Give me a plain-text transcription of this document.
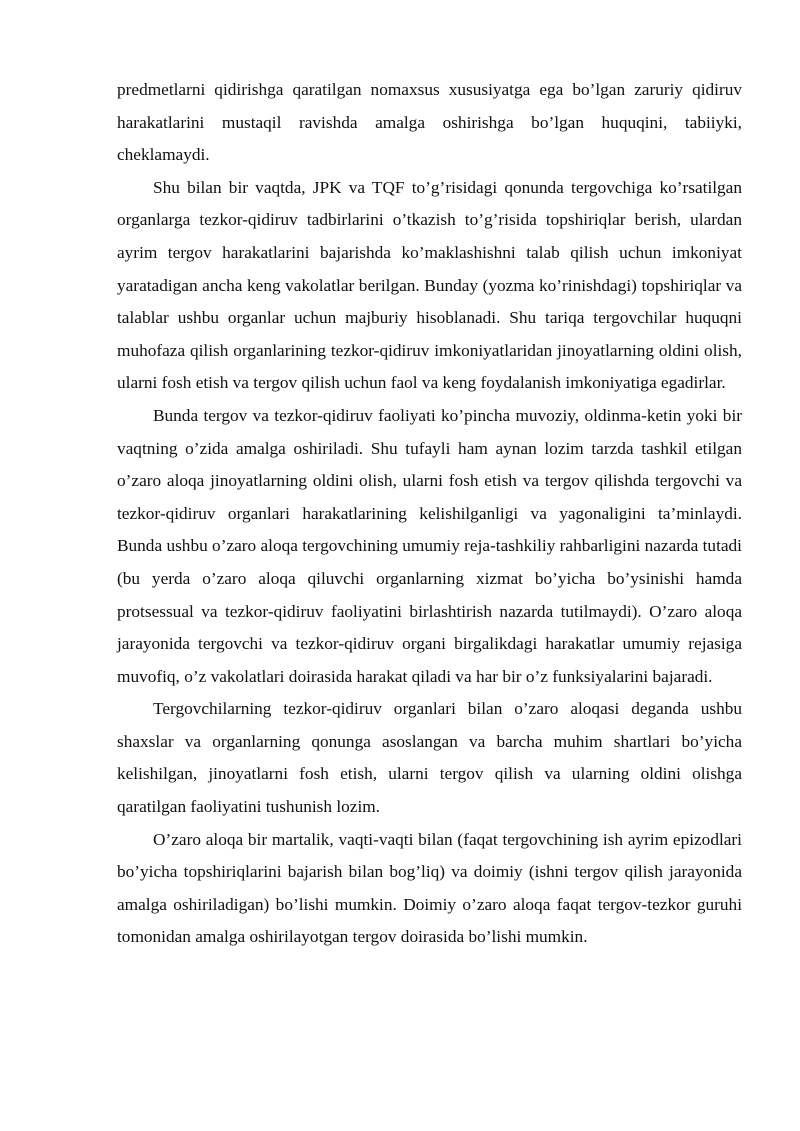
predmetlarni qidirishga qaratilgan nomaxsus xususiyatga ega bo’lgan zaruriy qidiruv harakatlarini mustaqil ravishda amalga oshirishga bo’lgan huquqini, tabiiyki, cheklamaydi.

Shu bilan bir vaqtda, JPK va TQF to’g’risidagi qonunda tergovchiga ko’rsatilgan organlarga tezkor-qidiruv tadbirlarini o’tkazish to’g’risida topshiriqlar berish, ulardan ayrim tergov harakatlarini bajarishda ko’maklashishni talab qilish uchun imkoniyat yaratadigan ancha keng vakolatlar berilgan. Bunday (yozma ko’rinishdagi) topshiriqlar va talablar ushbu organlar uchun majburiy hisoblanadi. Shu tariqa tergovchilar huquqni muhofaza qilish organlarining tezkor-qidiruv imkoniyatlaridan jinoyatlarning oldini olish, ularni fosh etish va tergov qilish uchun faol va keng foydalanish imkoniyatiga egadirlar.

Bunda tergov va tezkor-qidiruv faoliyati ko’pincha muvoziy, oldinma-ketin yoki bir vaqtning o’zida amalga oshiriladi. Shu tufayli ham aynan lozim tarzda tashkil etilgan o’zaro aloqa jinoyatlarning oldini olish, ularni fosh etish va tergov qilishda tergovchi va tezkor-qidiruv organlari harakatlarining kelishilganligi va yagonaligini ta’minlaydi. Bunda ushbu o’zaro aloqa tergovchining umumiy reja-tashkiliy rahbarligini nazarda tutadi (bu yerda o’zaro aloqa qiluvchi organlarning xizmat bo’yicha bo’ysinishi hamda protsessual va tezkor-qidiruv faoliyatini birlashtirish nazarda tutilmaydi). O’zaro aloqa jarayonida tergovchi va tezkor-qidiruv organi birgalikdagi harakatlar umumiy rejasiga muvofiq, o’z vakolatlari doirasida harakat qiladi va har bir o’z funksiyalarini bajaradi.

Tergovchilarning tezkor-qidiruv organlari bilan o’zaro aloqasi deganda ushbu shaxslar va organlarning qonunga asoslangan va barcha muhim shartlari bo’yicha kelishilgan, jinoyatlarni fosh etish, ularni tergov qilish va ularning oldini olishga qaratilgan faoliyatini tushunish lozim.

O’zaro aloqa bir martalik, vaqti-vaqti bilan (faqat tergovchining ish ayrim epizodlari bo’yicha topshiriqlarini bajarish bilan bog’liq) va doimiy (ishni tergov qilish jarayonida amalga oshiriladigan) bo’lishi mumkin. Doimiy o’zaro aloqa faqat tergov-tezkor guruhi tomonidan amalga oshirilayotgan tergov doirasida bo’lishi mumkin.
